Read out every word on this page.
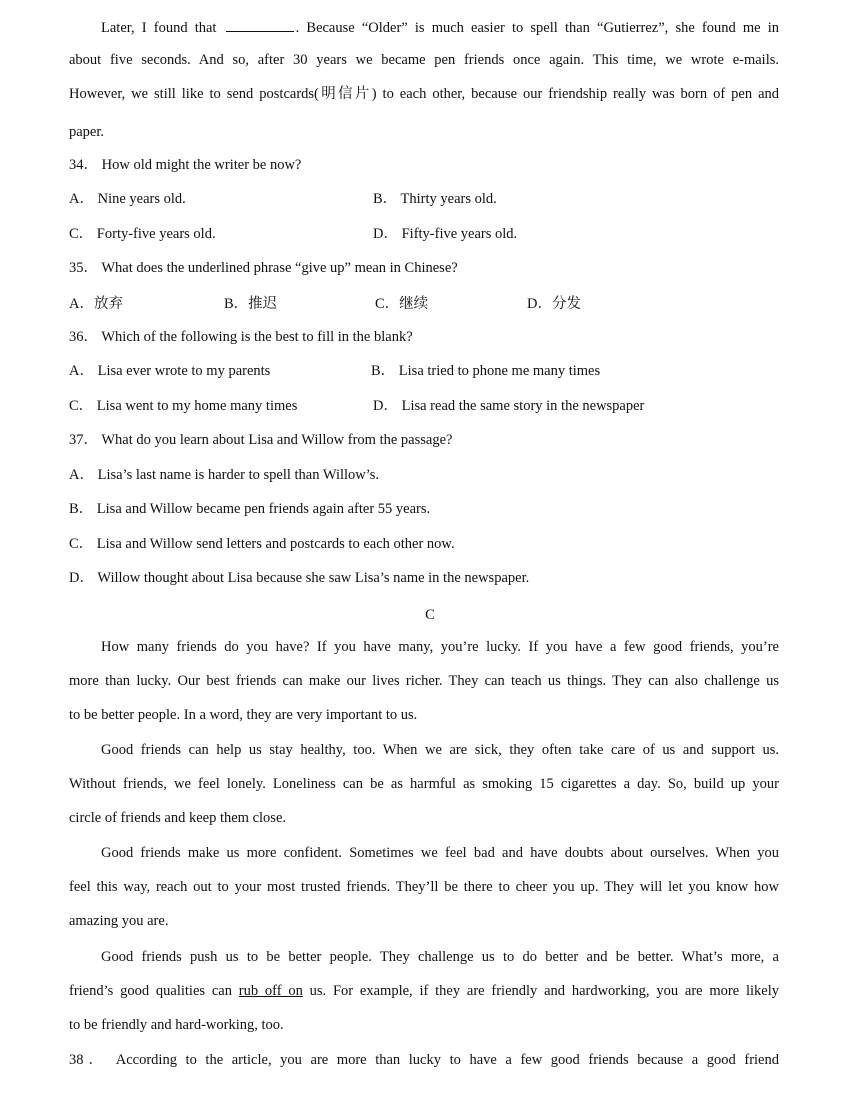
Later, I found that	. Because “Older” is much easier to spell than “Gutierrez”, she found me in
about five seconds. And so, after 30 years we became pen friends once again. This time, we wrote e-mails.
However, we still like to send postcards(明信片) to each other, because our friendship really was born of pen and
paper.
34． How old might the writer be now?
A． Nine years old.	B． Thirty years old.
C． Forty-five years old.	D． Fifty-five years old.
35． What does the underlined phrase “give up” mean in Chinese?
A．放弃	B．推迟	C．继续	D．分发
36． Which of the following is the best to fill in the blank?
A． Lisa ever wrote to my parents	B． Lisa tried to phone me many times
C． Lisa went to my home many times	D． Lisa read the same story in the newspaper
37． What do you learn about Lisa and Willow from the passage?
A． Lisa’s last name is harder to spell than Willow’s.
B． Lisa and Willow became pen friends again after 55 years.
C． Lisa and Willow send letters and postcards to each other now.
D． Willow thought about Lisa because she saw Lisa’s name in the newspaper.
C
How many friends do you have? If you have many, you’re lucky. If you have a few good friends, you’re
more than lucky. Our best friends can make our lives richer. They can teach us things. They can also challenge us
to be better people. In a word, they are very important to us.
Good friends can help us stay healthy, too. When we are sick, they often take care of us and support us.
Without friends, we feel lonely. Loneliness can be as harmful as smoking 15 cigarettes a day. So, build up your
circle of friends and keep them close.
Good friends make us more confident. Sometimes we feel bad and have doubts about ourselves. When you
feel this way, reach out to your most trusted friends. They’ll be there to cheer you up. They will let you know how
amazing you are.
Good friends push us to be better people. They challenge us to do better and be better. What’s more, a
friend’s good qualities can rub off on us. For example, if they are friendly and hardworking, you are more likely
to be friendly and hard-working, too.
38． According to the article, you are more than lucky to have a few good friends because a good friend
